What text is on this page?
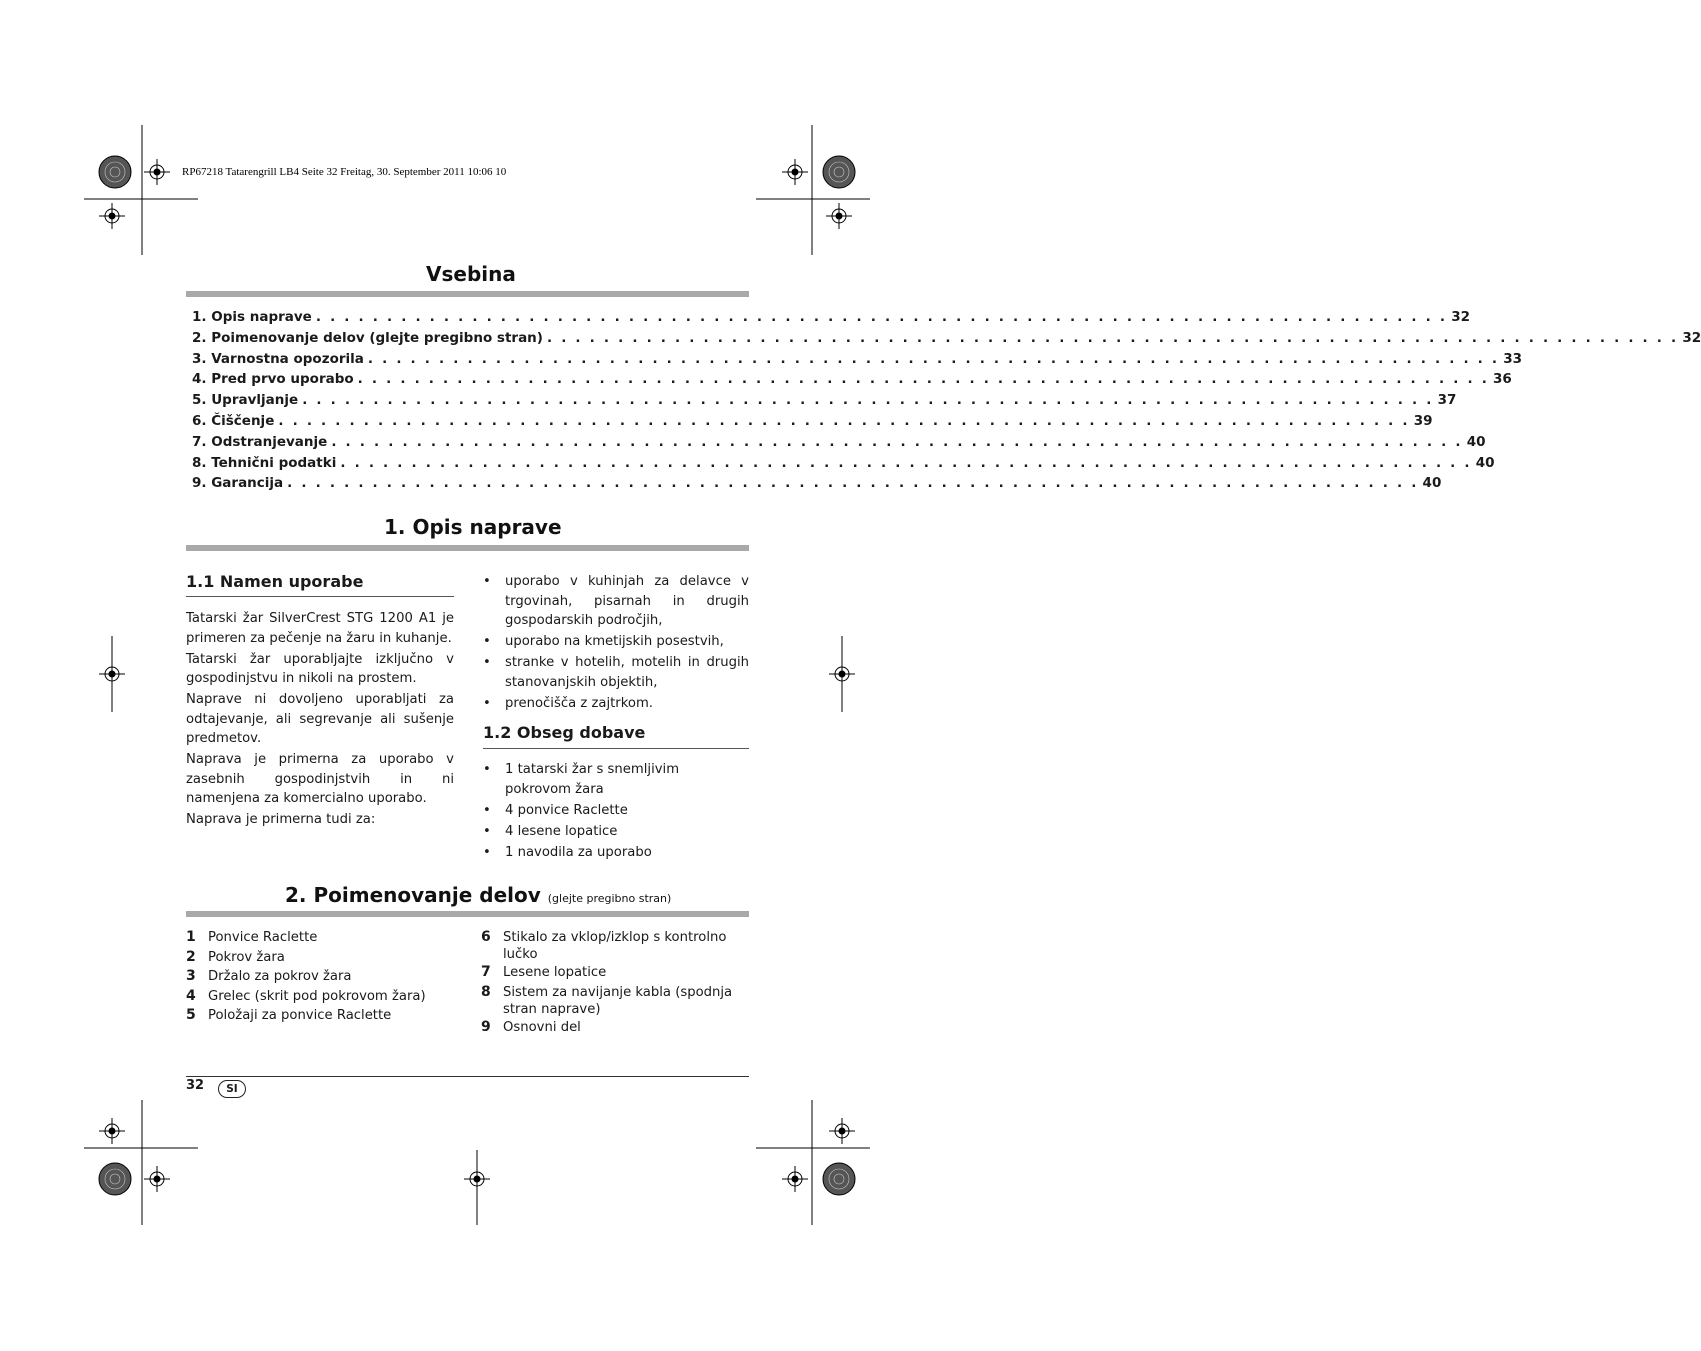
RP67218 Tatarengrill LB4 Seite 32 Freitag, 30. September 2011 10:06 10
Vsebina
1. Opis naprave . . . . . . . . . . . . . . . . . . . . . . . . . . . . . . . . . . . . . . . . . . . . . . . . . . . . . . . . . . . . . . . . . . . . . . . . . . . . . . . . 32
2. Poimenovanje delov (glejte pregibno stran) . . . . . . . . . . . . . . . . . . . . . . . . . . . . . . . . . . . . . . . . . . . . . . . . . . . . . . . . . . . . . . . . . . . . . . . . . . . . . . . . 32
3. Varnostna opozorila . . . . . . . . . . . . . . . . . . . . . . . . . . . . . . . . . . . . . . . . . . . . . . . . . . . . . . . . . . . . . . . . . . . . . . . . . . . . . . . . 33
4. Pred prvo uporabo . . . . . . . . . . . . . . . . . . . . . . . . . . . . . . . . . . . . . . . . . . . . . . . . . . . . . . . . . . . . . . . . . . . . . . . . . . . . . . . . 36
5. Upravljanje . . . . . . . . . . . . . . . . . . . . . . . . . . . . . . . . . . . . . . . . . . . . . . . . . . . . . . . . . . . . . . . . . . . . . . . . . . . . . . . . 37
6. Čiščenje . . . . . . . . . . . . . . . . . . . . . . . . . . . . . . . . . . . . . . . . . . . . . . . . . . . . . . . . . . . . . . . . . . . . . . . . . . . . . . . . 39
7. Odstranjevanje . . . . . . . . . . . . . . . . . . . . . . . . . . . . . . . . . . . . . . . . . . . . . . . . . . . . . . . . . . . . . . . . . . . . . . . . . . . . . . . . 40
8. Tehnični podatki . . . . . . . . . . . . . . . . . . . . . . . . . . . . . . . . . . . . . . . . . . . . . . . . . . . . . . . . . . . . . . . . . . . . . . . . . . . . . . . . 40
9. Garancija . . . . . . . . . . . . . . . . . . . . . . . . . . . . . . . . . . . . . . . . . . . . . . . . . . . . . . . . . . . . . . . . . . . . . . . . . . . . . . . . 40
1. Opis naprave
1.1 Namen uporabe

Tatarski žar SilverCrest STG 1200 A1 je primeren za pečenje na žaru in kuhanje.

Tatarski žar uporabljajte izključno v gospodinjstvu in nikoli na prostem.

Naprave ni dovoljeno uporabljati za odtajevanje, ali segrevanje ali sušenje predmetov.

Naprava je primerna za uporabo v zasebnih gospodinjstvih in ni namenjena za komercialno uporabo.

Naprava je primerna tudi za:

• uporabo v kuhinjah za delavce v trgovinah, pisarnah in drugih gospodarskih področjih,
• uporabo na kmetijskih posestvih,
• stranke v hotelih, motelih in drugih stanovanjskih objektih,
• prenočišča z zajtrkom.
1.2 Obseg dobave
• 1 tatarski žar s snemljivim pokrovom žara
• 4 ponvice Raclette
• 4 lesene lopatice
• 1 navodila za uporabo
2. Poimenovanje delov (glejte pregibno stran)
1 Ponvice Raclette
2 Pokrov žara
3 Držalo za pokrov žara
4 Grelec (skrit pod pokrovom žara)
5 Položaji za ponvice Raclette
6 Stikalo za vklop/izklop s kontrolno lučko
7 Lesene lopatice
8 Sistem za navijanje kabla (spodnja stran naprave)
9 Osnovni del
32	SI
